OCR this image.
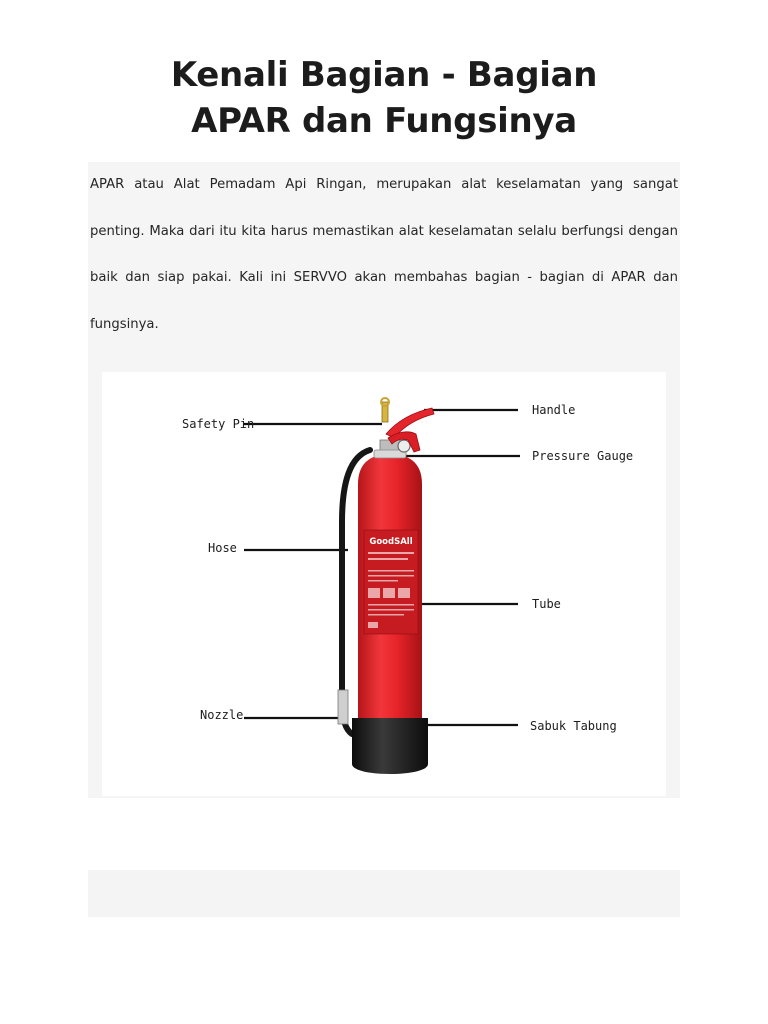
Kenali Bagian - Bagian
APAR dan Fungsinya

APAR atau Alat Pemadam Api Ringan, merupakan alat keselamatan yang sangat penting. Maka dari itu kita harus memastikan alat keselamatan selalu berfungsi dengan baik dan siap pakai. Kali ini SERVVO akan membahas bagian - bagian di APAR dan fungsinya.

GoodSAll
Safety Pin
Hose
Nozzle
Handle
Pressure Gauge
Tube
Sabuk Tabung
